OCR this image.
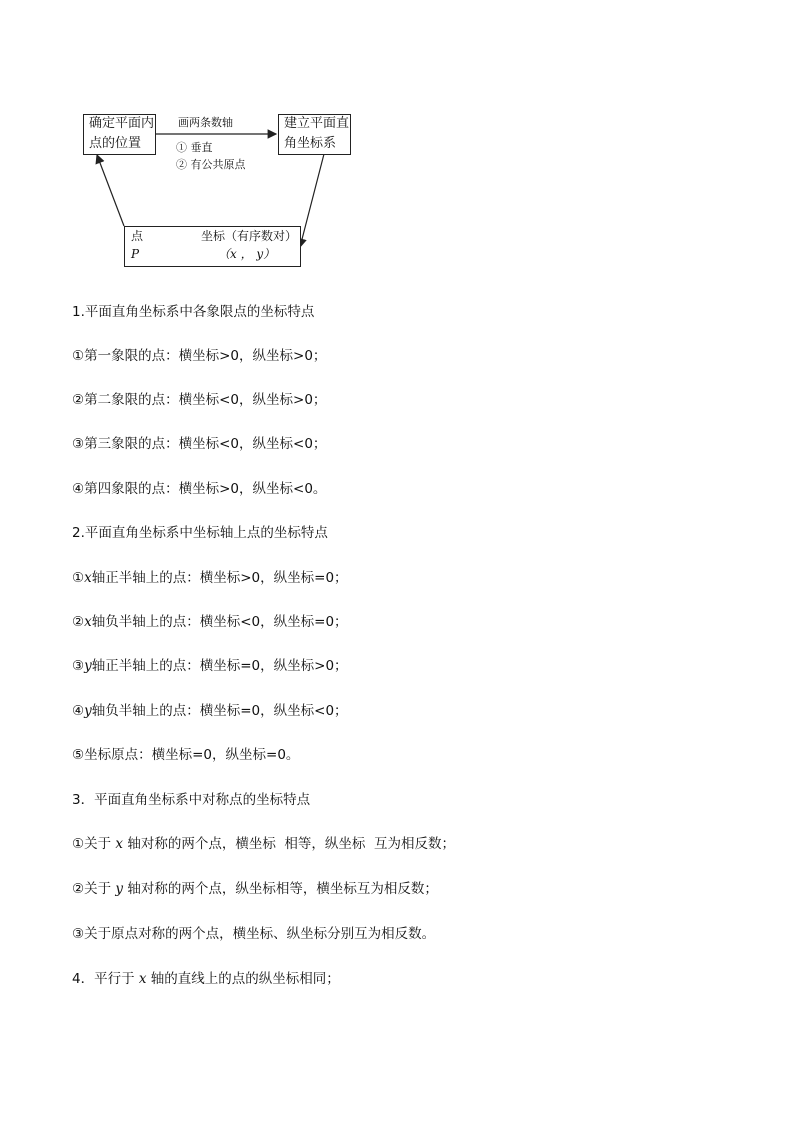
确定平面内
点的位置
建立平面直
角坐标系
画两条数轴
① 垂直
② 有公共原点
点
P
坐标（有序数对）
（x ， y）
1.平面直角坐标系中各象限点的坐标特点
①第一象限的点：横坐标>0，纵坐标>0；
②第二象限的点：横坐标<0，纵坐标>0；
③第三象限的点：横坐标<0，纵坐标<0；
④第四象限的点：横坐标>0，纵坐标<0。
2.平面直角坐标系中坐标轴上点的坐标特点
①x轴正半轴上的点：横坐标>0，纵坐标=0；
②x轴负半轴上的点：横坐标<0，纵坐标=0；
③y轴正半轴上的点：横坐标=0，纵坐标>0；
④y轴负半轴上的点：横坐标=0，纵坐标<0；
⑤坐标原点：横坐标=0，纵坐标=0。
3．平面直角坐标系中对称点的坐标特点
①关于 x 轴对称的两个点，横坐标  相等，纵坐标  互为相反数；
②关于 y 轴对称的两个点，纵坐标相等，横坐标互为相反数；
③关于原点对称的两个点，横坐标、纵坐标分别互为相反数。
4．平行于 x 轴的直线上的点的纵坐标相同；
